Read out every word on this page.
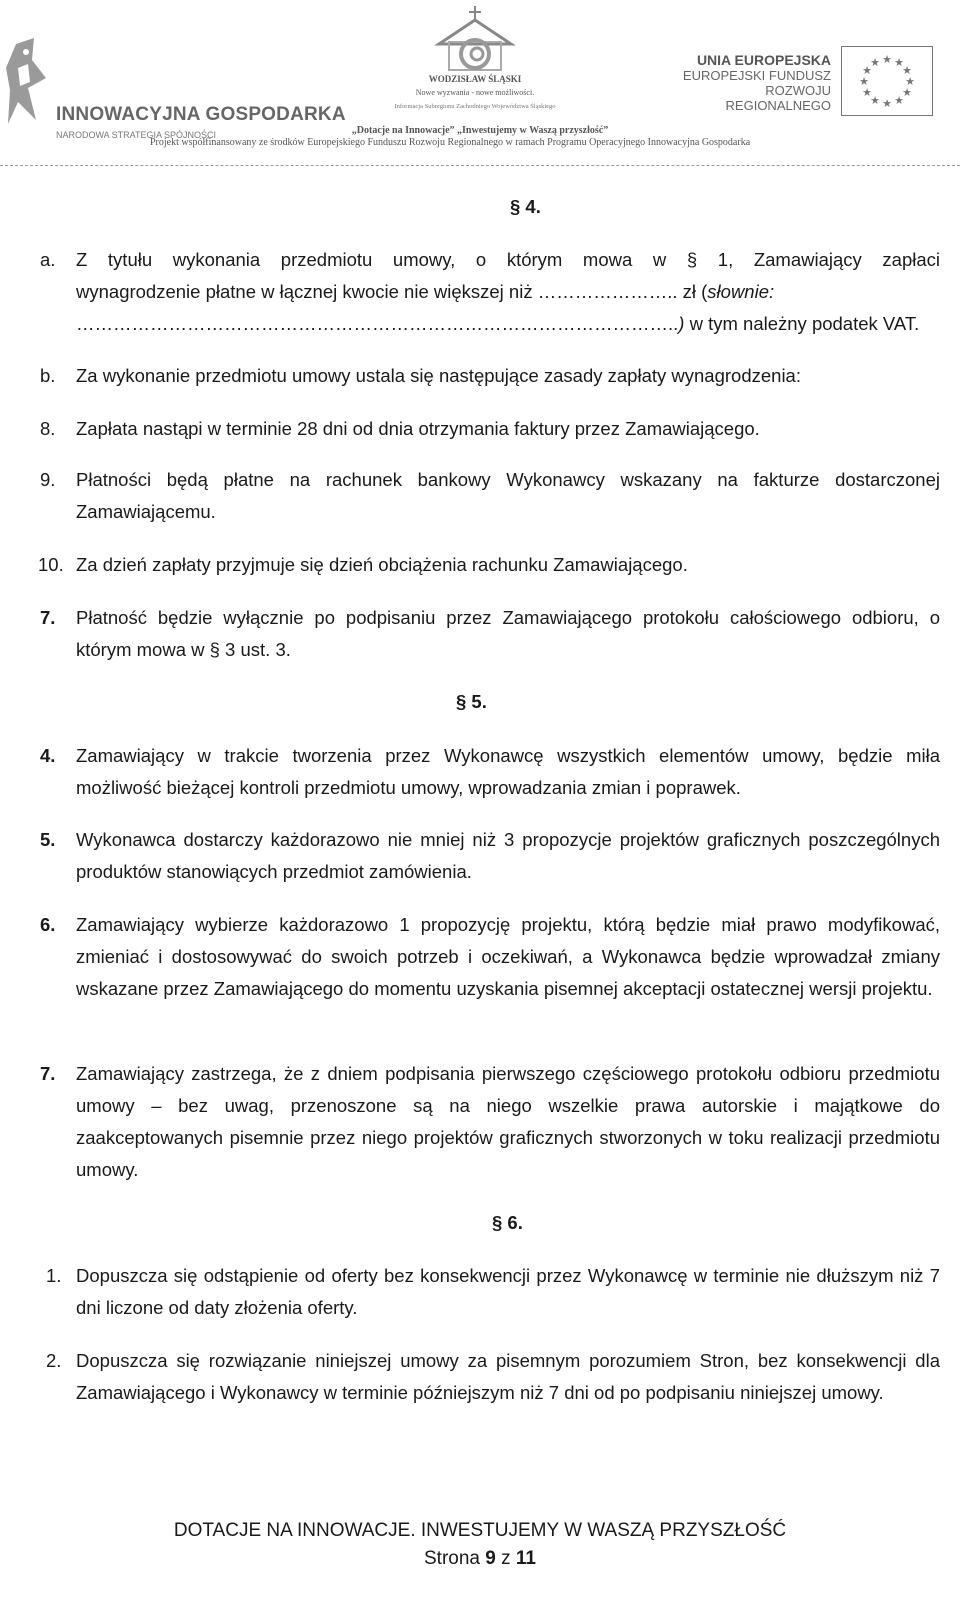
INNOWACYJNA GOSPODARKA
NARODOWA STRATEGIA SPÓJNOŚCI
WODZISŁAW ŚLĄSKI
Nowe wyzwania - nowe możliwości.
Informacja Subregionu Zachodniego Województwa Śląskiego
UNIA EUROPEJSKA
EUROPEJSKI FUNDUSZ
ROZWOJU REGIONALNEGO
★ ★
★
★
★
★
★
★
★
★
★
★
„Dotacje na Innowacje” „Inwestujemy w Waszą przyszłość”
Projekt współfinansowany ze środków Europejskiego Funduszu Rozwoju Regionalnego w ramach Programu Operacyjnego Innowacyjna Gospodarka
§ 4.
a. Z tytułu wykonania przedmiotu umowy, o którym mowa w § 1, Zamawiający zapłaci
wynagrodzenie płatne w łącznej kwocie nie większej niż ………………….. zł (słownie:
……………………………………………………………………………………..) w tym należny podatek VAT.
b. Za wykonanie przedmiotu umowy ustala się następujące zasady zapłaty wynagrodzenia:
8. Zapłata nastąpi w terminie 28 dni od dnia otrzymania faktury przez Zamawiającego.
9. Płatności będą płatne na rachunek bankowy Wykonawcy wskazany na fakturze dostarczonej Zamawiającemu.
10. Za dzień zapłaty przyjmuje się dzień obciążenia rachunku Zamawiającego.
7. Płatność będzie wyłącznie po podpisaniu przez Zamawiającego protokołu całościowego odbioru, o którym mowa w § 3 ust. 3.
§ 5.
4. Zamawiający w trakcie tworzenia przez Wykonawcę wszystkich elementów umowy, będzie miła możliwość bieżącej kontroli przedmiotu umowy, wprowadzania zmian i poprawek.
5. Wykonawca dostarczy każdorazowo nie mniej niż 3 propozycje projektów graficznych poszczególnych produktów stanowiących przedmiot zamówienia.
6. Zamawiający wybierze każdorazowo 1 propozycję projektu, którą będzie miał prawo modyfikować, zmieniać i dostosowywać do swoich potrzeb i oczekiwań, a Wykonawca będzie wprowadzał zmiany wskazane przez Zamawiającego do momentu uzyskania pisemnej akceptacji ostatecznej wersji projektu.
7. Zamawiający zastrzega, że z dniem podpisania pierwszego częściowego protokołu odbioru przedmiotu umowy – bez uwag, przenoszone są na niego wszelkie prawa autorskie i majątkowe do zaakceptowanych pisemnie przez niego projektów graficznych stworzonych w toku realizacji przedmiotu umowy.
§ 6.
1. Dopuszcza się odstąpienie od oferty bez konsekwencji przez Wykonawcę w terminie nie dłuższym niż 7 dni liczone od daty złożenia oferty.
2. Dopuszcza się rozwiązanie niniejszej umowy za pisemnym porozumiem Stron, bez konsekwencji dla Zamawiającego i Wykonawcy w terminie późniejszym niż 7 dni od po podpisaniu niniejszej umowy.
DOTACJE NA INNOWACJE. INWESTUJEMY W WASZĄ PRZYSZŁOŚĆ
Strona 9 z 11
